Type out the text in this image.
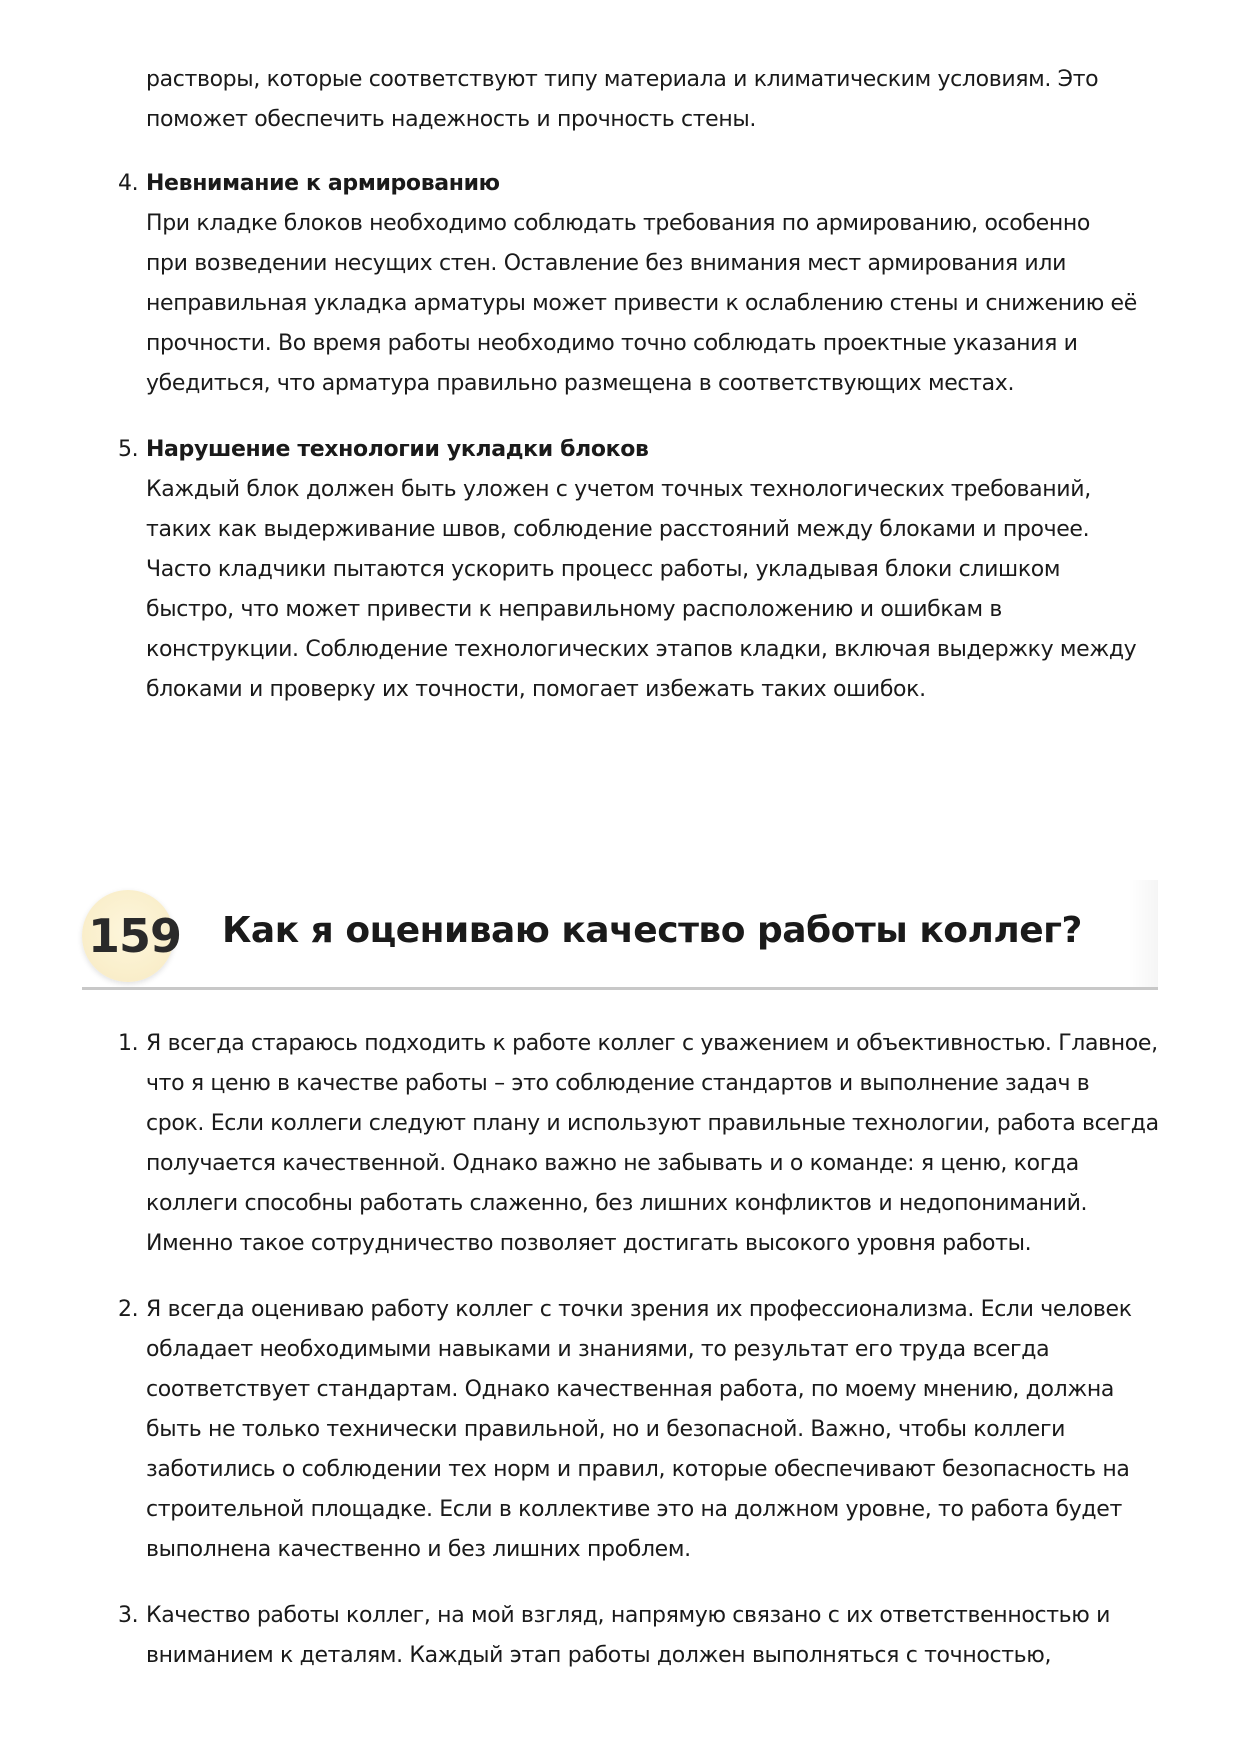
растворы, которые соответствуют типу материала и климатическим условиям. Это
поможет обеспечить надежность и прочность стены.
4. Невнимание к армированию
При кладке блоков необходимо соблюдать требования по армированию, особенно
при возведении несущих стен. Оставление без внимания мест армирования или
неправильная укладка арматуры может привести к ослаблению стены и снижению её
прочности. Во время работы необходимо точно соблюдать проектные указания и
убедиться, что арматура правильно размещена в соответствующих местах.
5. Нарушение технологии укладки блоков
Каждый блок должен быть уложен с учетом точных технологических требований,
таких как выдерживание швов, соблюдение расстояний между блоками и прочее.
Часто кладчики пытаются ускорить процесс работы, укладывая блоки слишком
быстро, что может привести к неправильному расположению и ошибкам в
конструкции. Соблюдение технологических этапов кладки, включая выдержку между
блоками и проверку их точности, помогает избежать таких ошибок.
159 Как я оцениваю качество работы коллег?
1. Я всегда стараюсь подходить к работе коллег с уважением и объективностью. Главное,
что я ценю в качестве работы – это соблюдение стандартов и выполнение задач в
срок. Если коллеги следуют плану и используют правильные технологии, работа всегда
получается качественной. Однако важно не забывать и о команде: я ценю, когда
коллеги способны работать слаженно, без лишних конфликтов и недопониманий.
Именно такое сотрудничество позволяет достигать высокого уровня работы.
2. Я всегда оцениваю работу коллег с точки зрения их профессионализма. Если человек
обладает необходимыми навыками и знаниями, то результат его труда всегда
соответствует стандартам. Однако качественная работа, по моему мнению, должна
быть не только технически правильной, но и безопасной. Важно, чтобы коллеги
заботились о соблюдении тех норм и правил, которые обеспечивают безопасность на
строительной площадке. Если в коллективе это на должном уровне, то работа будет
выполнена качественно и без лишних проблем.
3. Качество работы коллег, на мой взгляд, напрямую связано с их ответственностью и
вниманием к деталям. Каждый этап работы должен выполняться с точностью,
